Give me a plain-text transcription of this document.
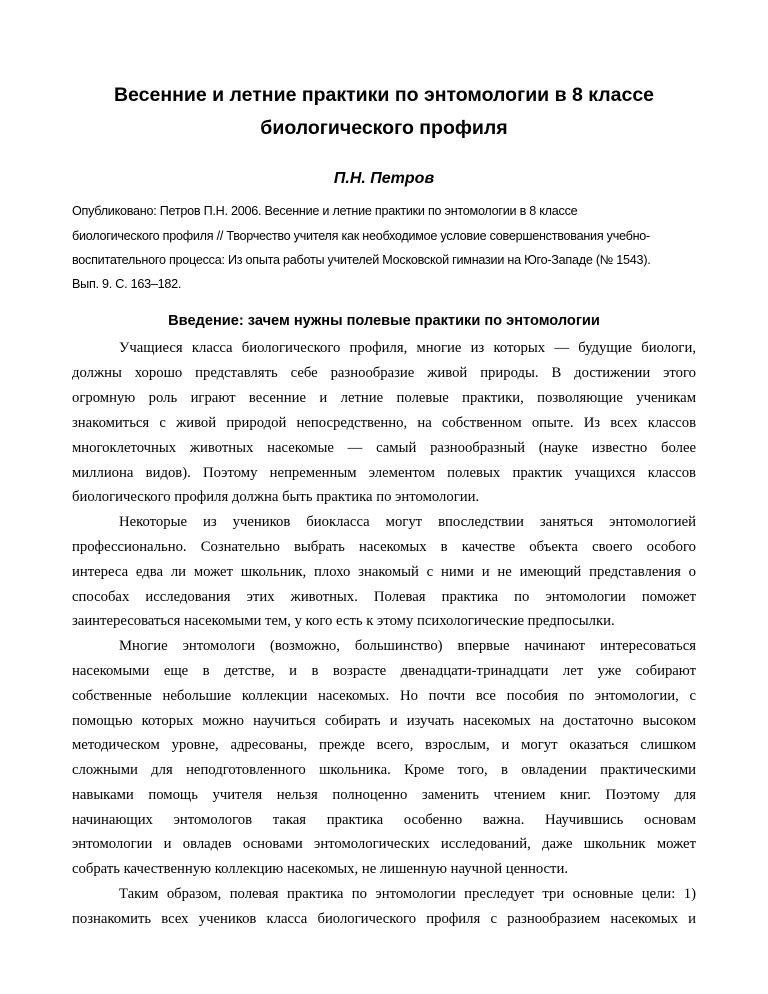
Весенние и летние практики по энтомологии в 8 классе
биологического профиля

П.Н. Петров

Опубликовано: Петров П.Н. 2006. Весенние и летние практики по энтомологии в 8 классе

биологического профиля // Творчество учителя как необходимое условие совершенствования учебно-

воспитательного процесса: Из опыта работы учителей Московской гимназии на Юго-Западе (№ 1543).

Вып. 9. С. 163–182.

Введение: зачем нужны полевые практики по энтомологии

Учащиеся класса биологического профиля, многие из которых — будущие биологи,

должны хорошо представлять себе разнообразие живой природы. В достижении этого

огромную роль играют весенние и летние полевые практики, позволяющие ученикам

знакомиться с живой природой непосредственно, на собственном опыте. Из всех классов

многоклеточных животных насекомые — самый разнообразный (науке известно более

миллиона видов). Поэтому непременным элементом полевых практик учащихся классов

биологического профиля должна быть практика по энтомологии.

Некоторые из учеников биокласса могут впоследствии заняться энтомологией

профессионально. Сознательно выбрать насекомых в качестве объекта своего особого

интереса едва ли может школьник, плохо знакомый с ними и не имеющий представления о

способах исследования этих животных. Полевая практика по энтомологии поможет

заинтересоваться насекомыми тем, у кого есть к этому психологические предпосылки.

Многие энтомологи (возможно, большинство) впервые начинают интересоваться

насекомыми еще в детстве, и в возрасте двенадцати-тринадцати лет уже собирают

собственные небольшие коллекции насекомых. Но почти все пособия по энтомологии, с

помощью которых можно научиться собирать и изучать насекомых на достаточно высоком

методическом уровне, адресованы, прежде всего, взрослым, и могут оказаться слишком

сложными для неподготовленного школьника. Кроме того, в овладении практическими

навыками помощь учителя нельзя полноценно заменить чтением книг. Поэтому для

начинающих энтомологов такая практика особенно важна. Научившись основам

энтомологии и овладев основами энтомологических исследований, даже школьник может

собрать качественную коллекцию насекомых, не лишенную научной ценности.

Таким образом, полевая практика по энтомологии преследует три основные цели: 1)

познакомить всех учеников класса биологического профиля с разнообразием насекомых и
